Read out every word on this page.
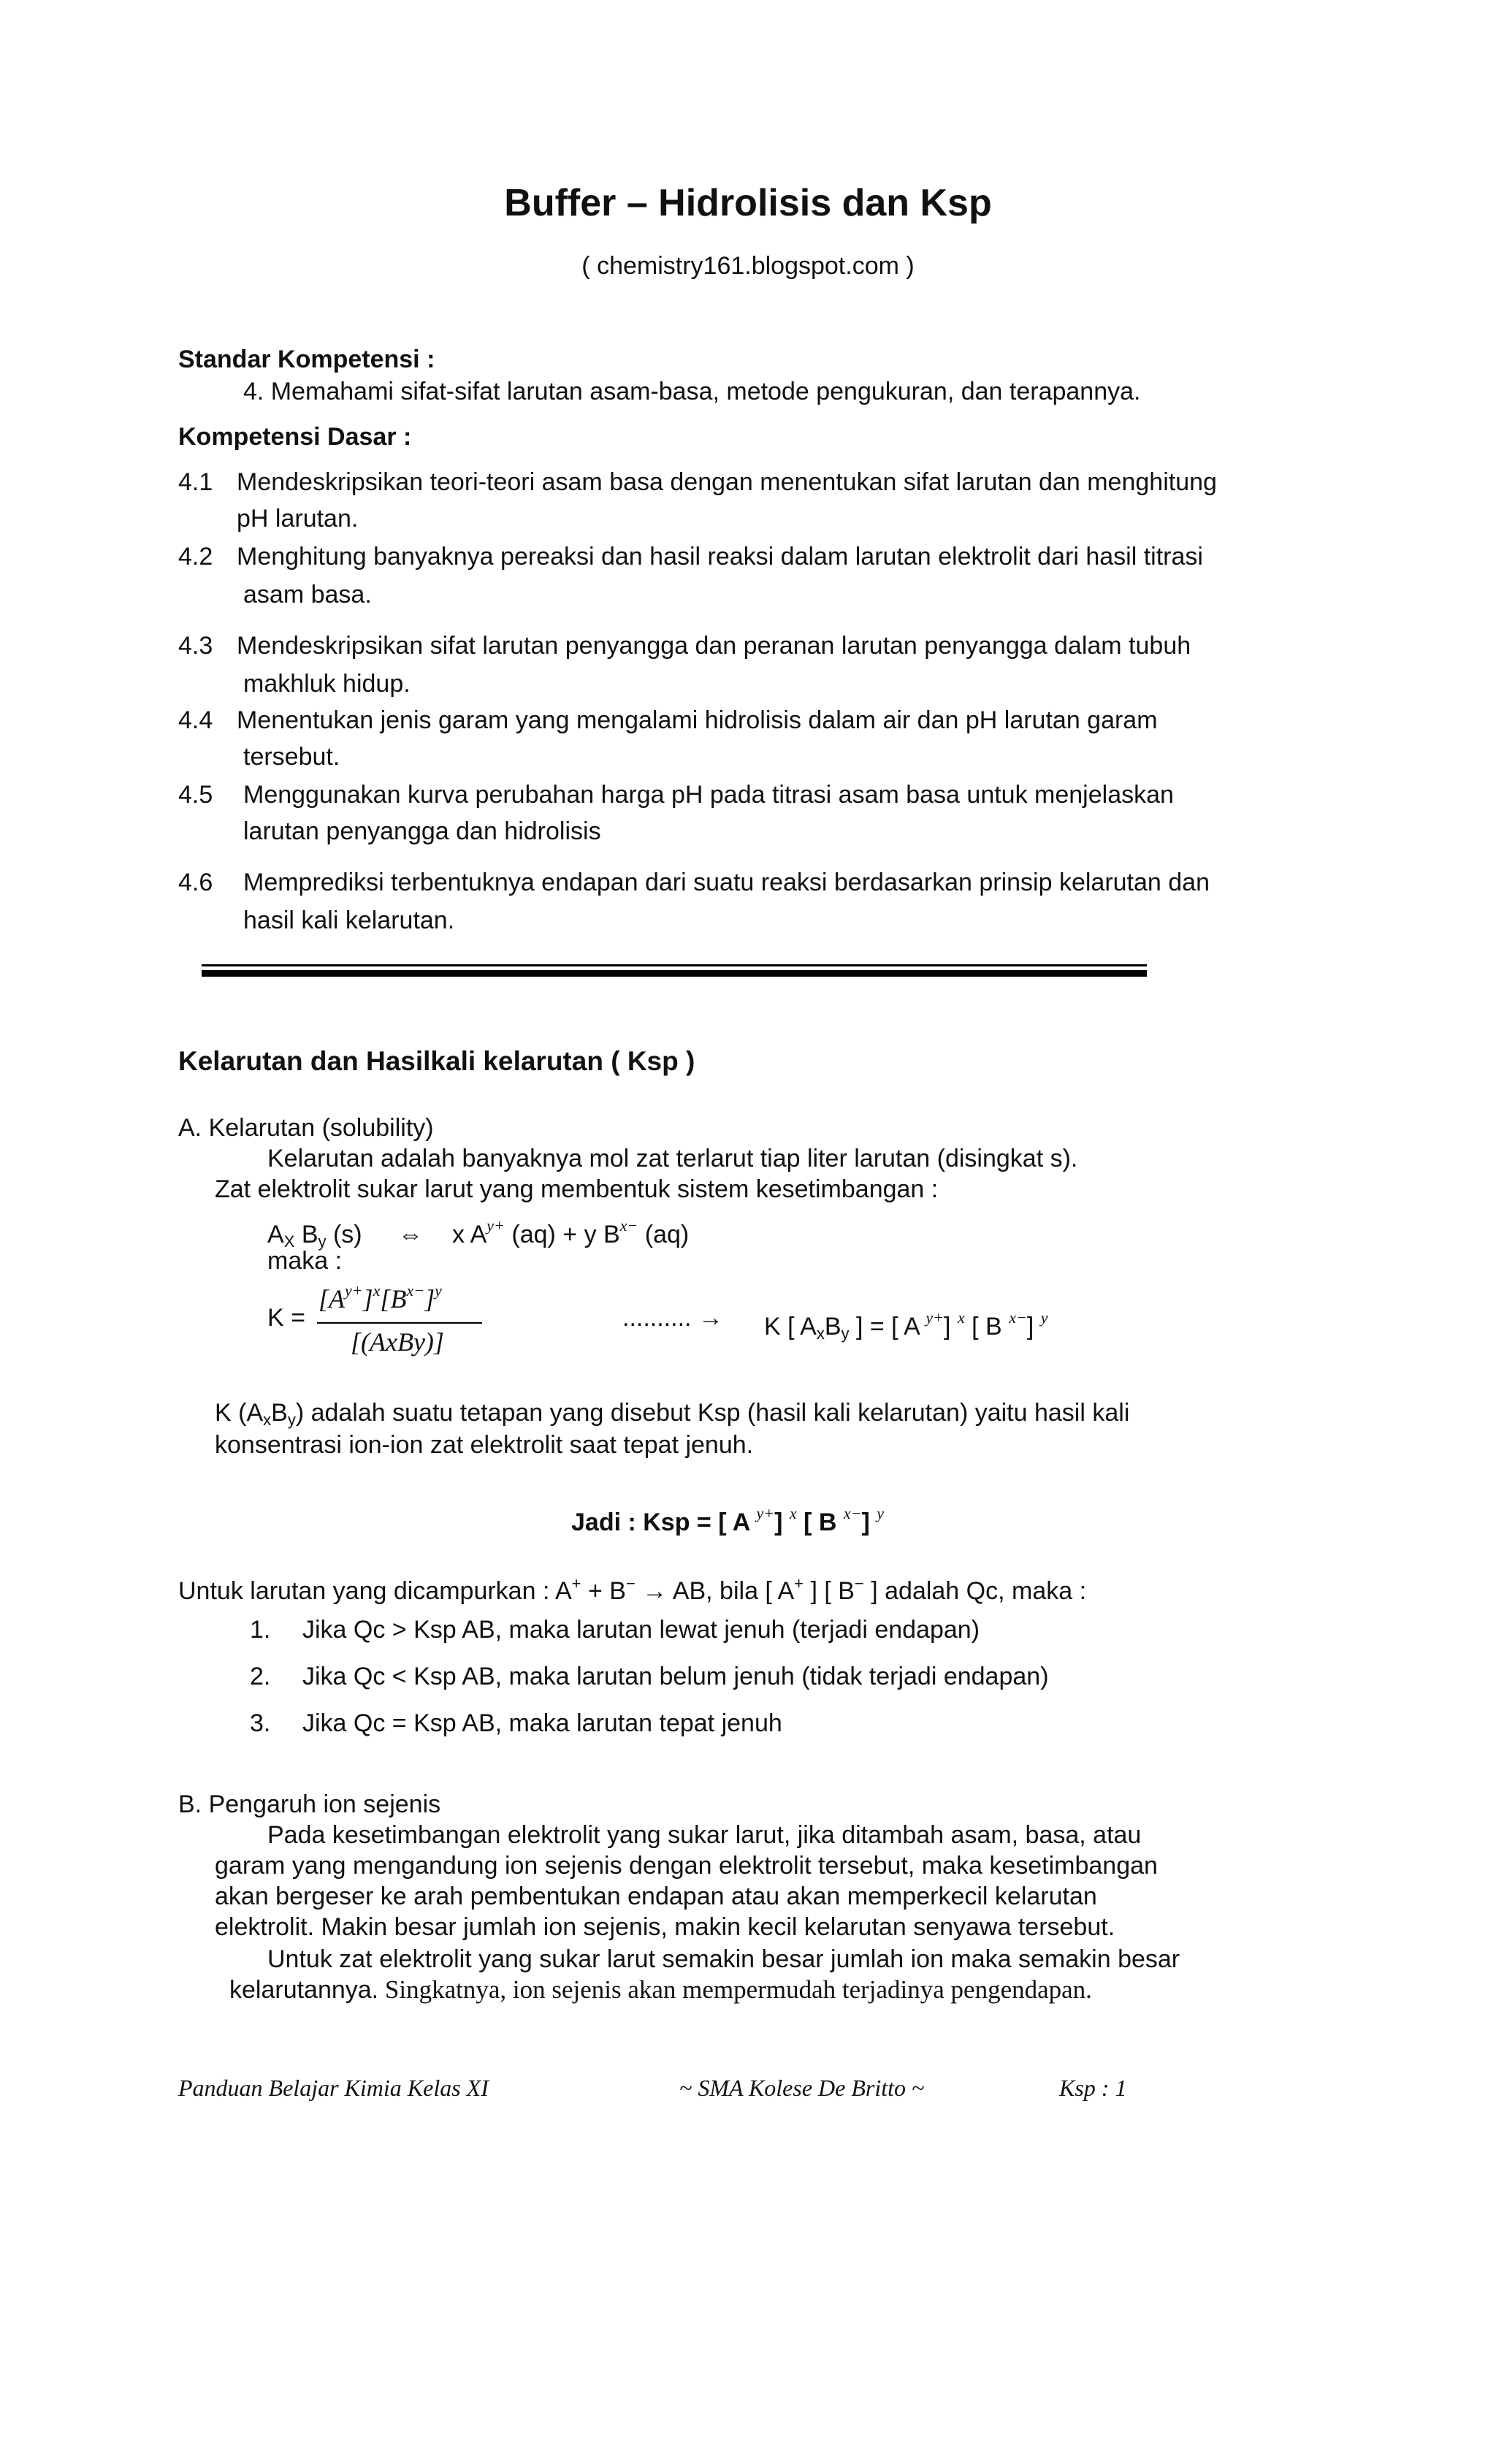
Buffer – Hidrolisis dan Ksp
( chemistry161.blogspot.com )
Standar Kompetensi :
4. Memahami sifat-sifat larutan asam-basa, metode pengukuran, dan terapannya.
Kompetensi Dasar :
4.1 Mendeskripsikan teori-teori asam basa dengan menentukan sifat larutan dan menghitung
pH larutan.
4.2 Menghitung banyaknya pereaksi dan hasil reaksi dalam larutan elektrolit dari hasil titrasi
asam basa.
4.3 Mendeskripsikan sifat larutan penyangga dan peranan larutan penyangga dalam tubuh
makhluk hidup.
4.4 Menentukan jenis garam yang mengalami hidrolisis dalam air dan pH larutan garam
tersebut.
4.5 Menggunakan kurva perubahan harga pH pada titrasi asam basa untuk menjelaskan
larutan penyangga dan hidrolisis
4.6 Memprediksi terbentuknya endapan dari suatu reaksi berdasarkan prinsip kelarutan dan
hasil kali kelarutan.
Kelarutan dan Hasilkali kelarutan ( Ksp )
A. Kelarutan (solubility)
Kelarutan adalah banyaknya mol zat terlarut tiap liter larutan (disingkat s).
Zat elektrolit sukar larut yang membentuk sistem kesetimbangan :
$A_X$ $B_y$ (s) ⇔ x $A^{y+}$ (aq) + y $B^{x-}$ (aq)
maka :
K =
$[A^{y+}]^x[B^{x-}]^y$
[(AxBy)]
.......... → K [ $A_xB_y$ ] = [ A $^{y+}$] $^x$ [ B $^{x-}$] $^y$
K $(A_xB_y)$ adalah suatu tetapan yang disebut Ksp (hasil kali kelarutan) yaitu hasil kali
konsentrasi ion-ion zat elektrolit saat tepat jenuh.
Jadi : Ksp = [ A $^{y+}$] $^x$ [ B $^{x-}$] $^y$
Untuk larutan yang dicampurkan : A+ + B− → AB, bila [ A+ ] [ B− ] adalah Qc, maka :
1. Jika Qc > Ksp AB, maka larutan lewat jenuh (terjadi endapan)
2. Jika Qc < Ksp AB, maka larutan belum jenuh (tidak terjadi endapan)
3. Jika Qc = Ksp AB, maka larutan tepat jenuh
B. Pengaruh ion sejenis
Pada kesetimbangan elektrolit yang sukar larut, jika ditambah asam, basa, atau
garam yang mengandung ion sejenis dengan elektrolit tersebut, maka kesetimbangan
akan bergeser ke arah pembentukan endapan atau akan memperkecil kelarutan
elektrolit. Makin besar jumlah ion sejenis, makin kecil kelarutan senyawa tersebut.
Untuk zat elektrolit yang sukar larut semakin besar jumlah ion maka semakin besar
kelarutannya. Singkatnya, ion sejenis akan mempermudah terjadinya pengendapan.
Panduan Belajar Kimia Kelas XI	~ SMA Kolese De Britto ~	Ksp : 1
